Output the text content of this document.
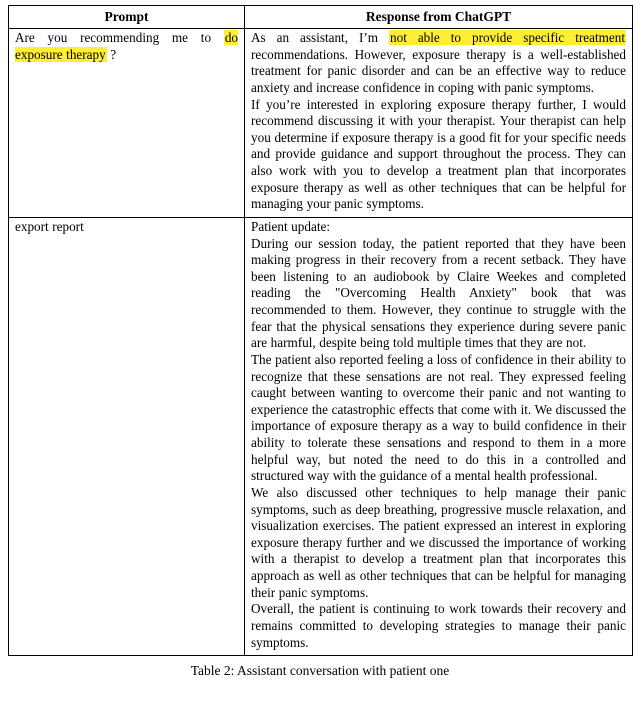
Prompt	Response from ChatGPT

Are you recommending me to do exposure therapy ?	As an assistant, I’m not able to provide specific treatment recommendations. However, exposure therapy is a well-established treatment for panic disorder and can be an effective way to reduce anxiety and increase confidence in coping with panic symptoms.
If you’re interested in exploring exposure therapy further, I would recommend discussing it with your therapist. Your therapist can help you determine if exposure therapy is a good fit for your specific needs and provide guidance and support throughout the process. They can also work with you to develop a treatment plan that incorporates exposure therapy as well as other techniques that can be helpful for managing your panic symptoms.

export report	Patient update:
During our session today, the patient reported that they have been making progress in their recovery from a recent setback. They have been listening to an audiobook by Claire Weekes and completed reading the "Overcoming Health Anxiety" book that was recommended to them. However, they continue to struggle with the fear that the physical sensations they experience during severe panic are harmful, despite being told multiple times that they are not.
The patient also reported feeling a loss of confidence in their ability to recognize that these sensations are not real. They expressed feeling caught between wanting to overcome their panic and not wanting to experience the catastrophic effects that come with it. We discussed the importance of exposure therapy as a way to build confidence in their ability to tolerate these sensations and respond to them in a more helpful way, but noted the need to do this in a controlled and structured way with the guidance of a mental health professional.
We also discussed other techniques to help manage their panic symptoms, such as deep breathing, progressive muscle relaxation, and visualization exercises. The patient expressed an interest in exploring exposure therapy further and we discussed the importance of working with a therapist to develop a treatment plan that incorporates this approach as well as other techniques that can be helpful for managing their panic symptoms.
Overall, the patient is continuing to work towards their recovery and remains committed to developing strategies to manage their panic symptoms.
Table 2: Assistant conversation with patient one
